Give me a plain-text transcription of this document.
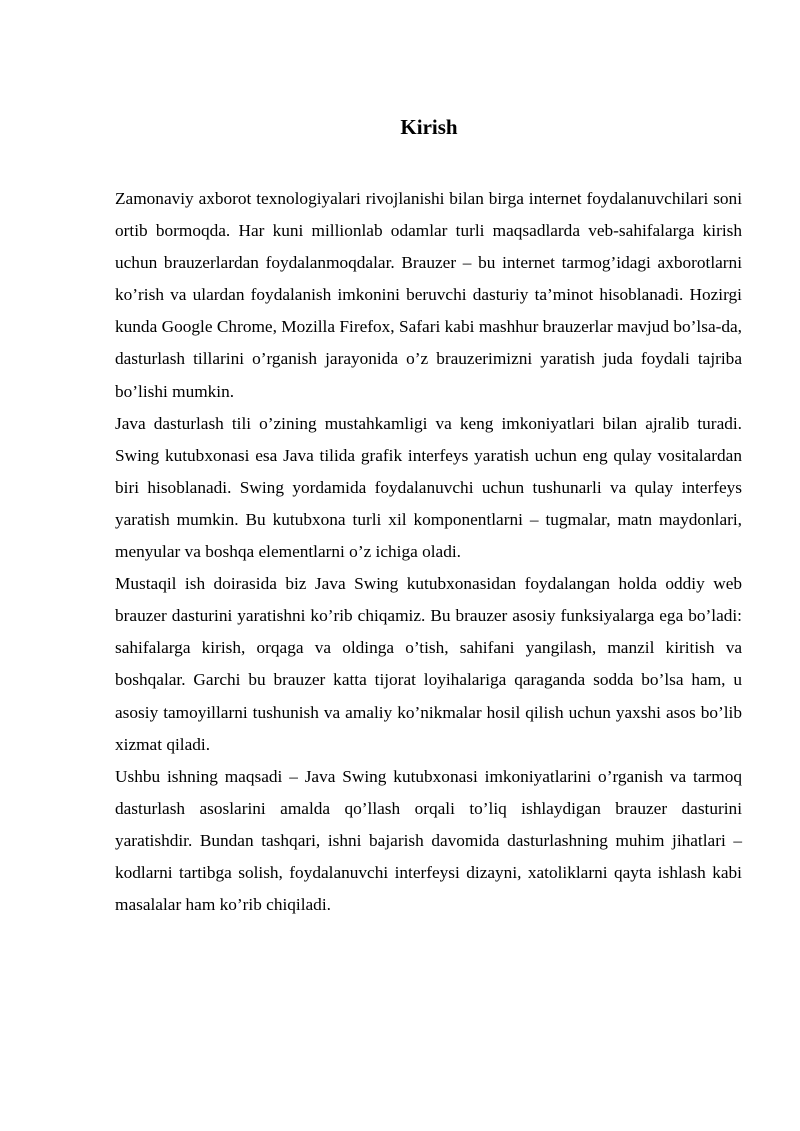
Kirish

Zamonaviy axborot texnologiyalari rivojlanishi bilan birga internet foydalanuvchilari soni ortib bormoqda. Har kuni millionlab odamlar turli maqsadlarda veb-sahifalarga kirish uchun brauzerlardan foydalanmoqdalar. Brauzer – bu internet tarmog’idagi axborotlarni ko’rish va ulardan foydalanish imkonini beruvchi dasturiy ta’minot hisoblanadi. Hozirgi kunda Google Chrome, Mozilla Firefox, Safari kabi mashhur brauzerlar mavjud bo’lsa-da, dasturlash tillarini o’rganish jarayonida o’z brauzerimizni yaratish juda foydali tajriba bo’lishi mumkin.

Java dasturlash tili o’zining mustahkamligi va keng imkoniyatlari bilan ajralib turadi. Swing kutubxonasi esa Java tilida grafik interfeys yaratish uchun eng qulay vositalardan biri hisoblanadi. Swing yordamida foydalanuvchi uchun tushunarli va qulay interfeys yaratish mumkin. Bu kutubxona turli xil komponentlarni – tugmalar, matn maydonlari, menyular va boshqa elementlarni o’z ichiga oladi.

Mustaqil ish doirasida biz Java Swing kutubxonasidan foydalangan holda oddiy web brauzer dasturini yaratishni ko’rib chiqamiz. Bu brauzer asosiy funksiyalarga ega bo’ladi: sahifalarga kirish, orqaga va oldinga o’tish, sahifani yangilash, manzil kiritish va boshqalar. Garchi bu brauzer katta tijorat loyihalariga qaraganda sodda bo’lsa ham, u asosiy tamoyillarni tushunish va amaliy ko’nikmalar hosil qilish uchun yaxshi asos bo’lib xizmat qiladi.

Ushbu ishning maqsadi – Java Swing kutubxonasi imkoniyatlarini o’rganish va tarmoq dasturlash asoslarini amalda qo’llash orqali to’liq ishlaydigan brauzer dasturini yaratishdir. Bundan tashqari, ishni bajarish davomida dasturlashning muhim jihatlari – kodlarni tartibga solish, foydalanuvchi interfeysi dizayni, xatoliklarni qayta ishlash kabi masalalar ham ko’rib chiqiladi.
